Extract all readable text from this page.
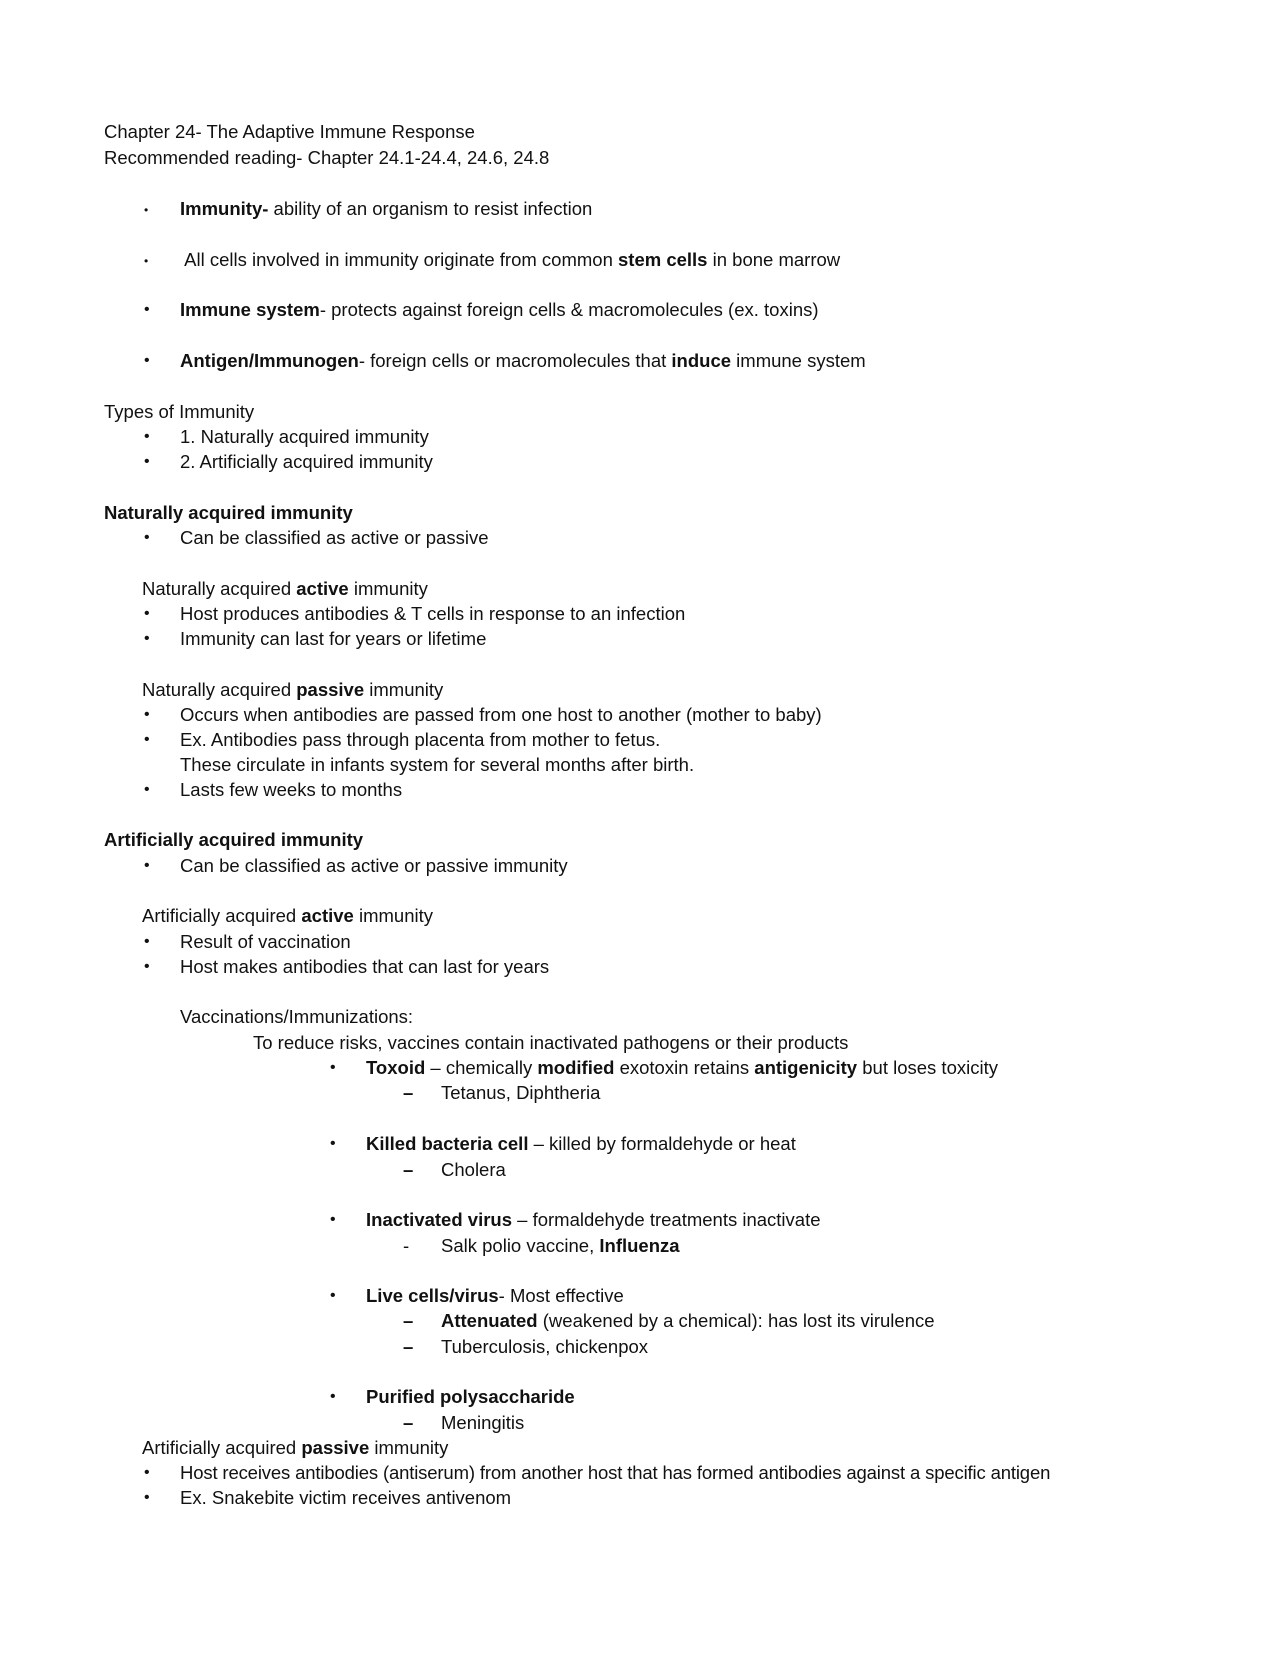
Chapter 24- The Adaptive Immune Response
Recommended reading- Chapter 24.1-24.4, 24.6, 24.8
• Immunity- ability of an organism to resist infection
• All cells involved in immunity originate from common stem cells in bone marrow
• Immune system- protects against foreign cells & macromolecules (ex. toxins)
• Antigen/Immunogen- foreign cells or macromolecules that induce immune system
Types of Immunity
• 1. Naturally acquired immunity
• 2. Artificially acquired immunity
Naturally acquired immunity
• Can be classified as active or passive
Naturally acquired active immunity
• Host produces antibodies & T cells in response to an infection
• Immunity can last for years or lifetime
Naturally acquired passive immunity
• Occurs when antibodies are passed from one host to another (mother to baby)
• Ex. Antibodies pass through placenta from mother to fetus.
These circulate in infants system for several months after birth.
• Lasts few weeks to months
Artificially acquired immunity
• Can be classified as active or passive immunity
Artificially acquired active immunity
• Result of vaccination
• Host makes antibodies that can last for years
Vaccinations/Immunizations:
To reduce risks, vaccines contain inactivated pathogens or their products
• Toxoid – chemically modified exotoxin retains antigenicity but loses toxicity
– Tetanus, Diphtheria
• Killed bacteria cell – killed by formaldehyde or heat
– Cholera
• Inactivated virus – formaldehyde treatments inactivate
- Salk polio vaccine, Influenza
• Live cells/virus- Most effective
– Attenuated (weakened by a chemical): has lost its virulence
– Tuberculosis, chickenpox
• Purified polysaccharide
– Meningitis
Artificially acquired passive immunity
• Host receives antibodies (antiserum) from another host that has formed antibodies against a specific antigen
• Ex. Snakebite victim receives antivenom
